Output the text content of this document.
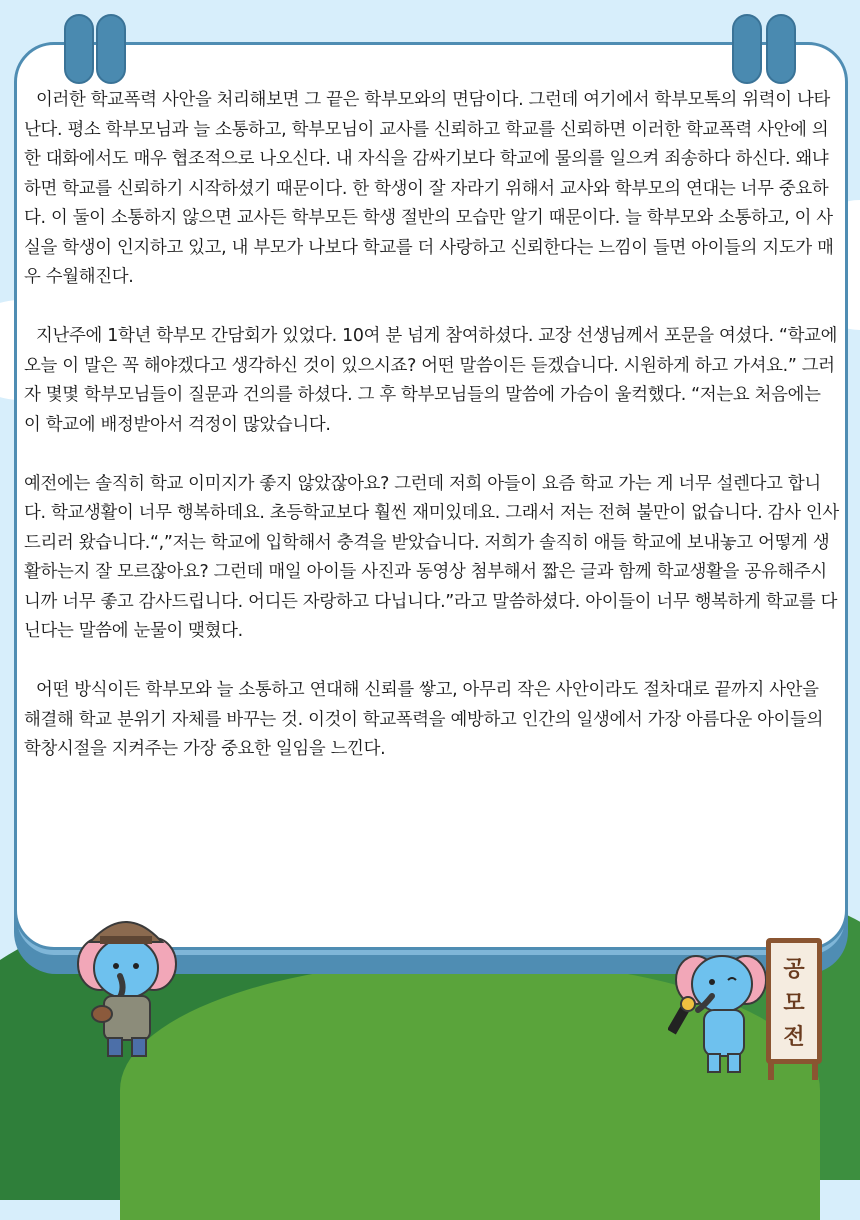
이러한 학교폭력 사안을 처리해보면 그 끝은 학부모와의 면담이다. 그런데 여기에서 학부모톡의 위력이 나타난다. 평소 학부모님과 늘 소통하고, 학부모님이 교사를 신뢰하고 학교를 신뢰하면 이러한 학교폭력 사안에 의한 대화에서도 매우 협조적으로 나오신다. 내 자식을 감싸기보다 학교에 물의를 일으켜 죄송하다 하신다. 왜냐하면 학교를 신뢰하기 시작하셨기 때문이다. 한 학생이 잘 자라기 위해서 교사와 학부모의 연대는 너무 중요하다. 이 둘이 소통하지 않으면 교사든 학부모든 학생 절반의 모습만 알기 때문이다. 늘 학부모와 소통하고, 이 사실을 학생이 인지하고 있고, 내 부모가 나보다 학교를 더 사랑하고 신뢰한다는 느낌이 들면 아이들의 지도가 매우 수월해진다.

지난주에 1학년 학부모 간담회가 있었다. 10여 분 넘게 참여하셨다. 교장 선생님께서 포문을 여셨다. “학교에 오늘 이 말은 꼭 해야겠다고 생각하신 것이 있으시죠? 어떤 말씀이든 듣겠습니다. 시원하게 하고 가셔요.” 그러자 몇몇 학부모님들이 질문과 건의를 하셨다. 그 후 학부모님들의 말씀에 가슴이 울컥했다. “저는요 처음에는 이 학교에 배정받아서 걱정이 많았습니다.

예전에는 솔직히 학교 이미지가 좋지 않았잖아요? 그런데 저희 아들이 요즘 학교 가는 게 너무 설렌다고 합니다. 학교생활이 너무 행복하데요. 초등학교보다 훨씬 재미있데요. 그래서 저는 전혀 불만이 없습니다. 감사 인사드리러 왔습니다.“,”저는 학교에 입학해서 충격을 받았습니다. 저희가 솔직히 애들 학교에 보내놓고 어떻게 생활하는지 잘 모르잖아요? 그런데 매일 아이들 사진과 동영상 첨부해서 짧은 글과 함께 학교생활을 공유해주시니까 너무 좋고 감사드립니다. 어디든 자랑하고 다닙니다.”라고 말씀하셨다. 아이들이 너무 행복하게 학교를 다닌다는 말씀에 눈물이 맺혔다.

어떤 방식이든 학부모와 늘 소통하고 연대해 신뢰를 쌓고, 아무리 작은 사안이라도 절차대로 끝까지 사안을 해결해 학교 분위기 자체를 바꾸는 것. 이것이 학교폭력을 예방하고 인간의 일생에서 가장 아름다운 아이들의 학창시절을 지켜주는 가장 중요한 일임을 느낀다.

공
모
전
